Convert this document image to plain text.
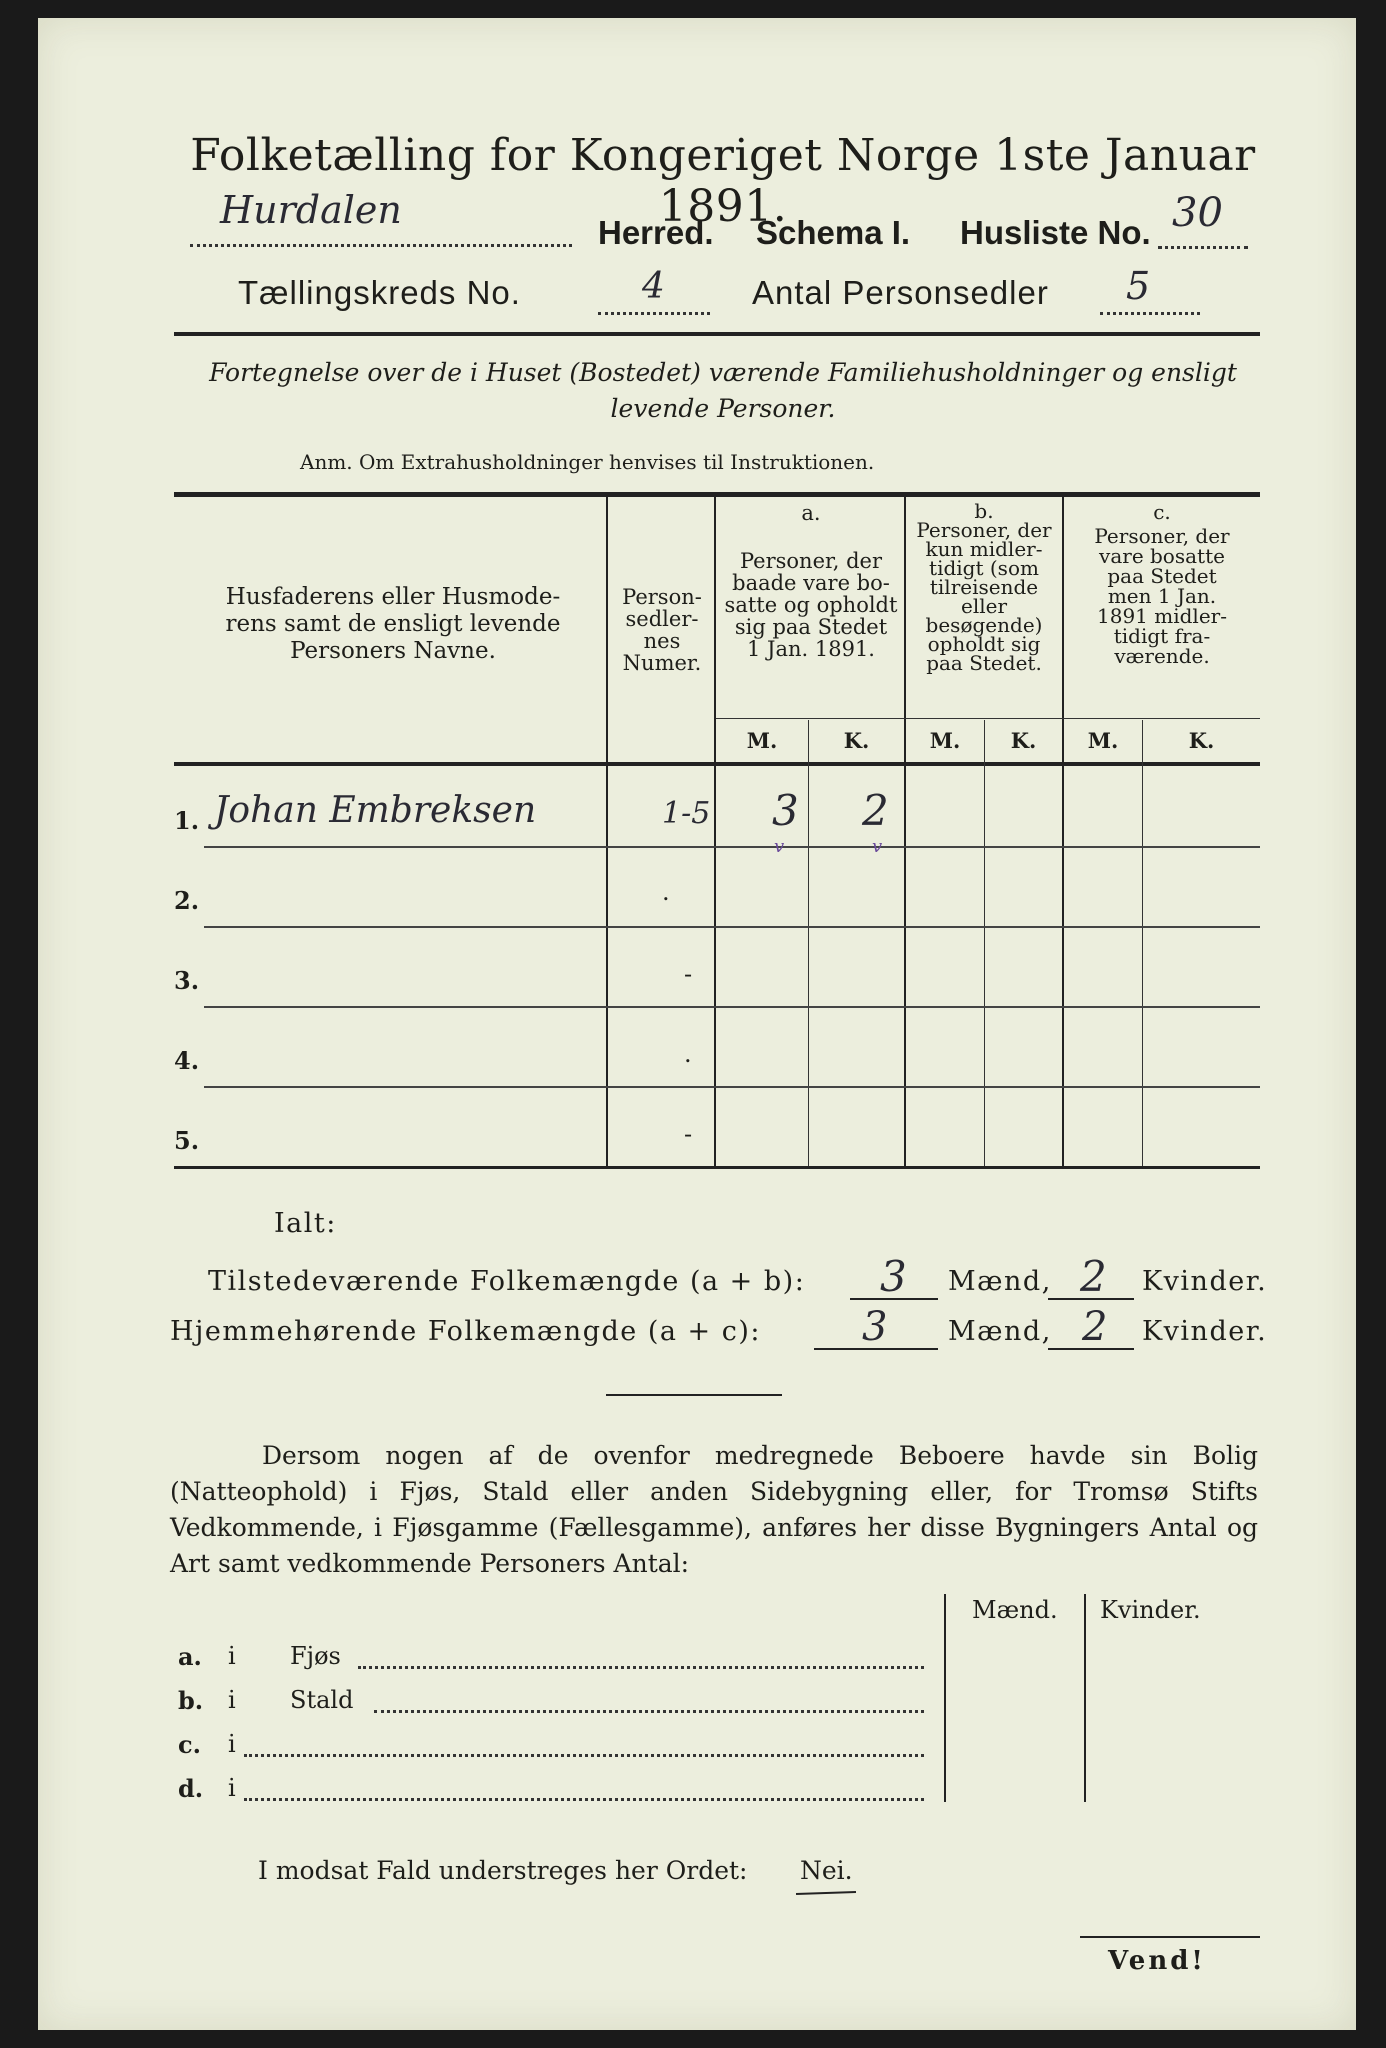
Folketælling for Kongeriget Norge 1ste Januar 1891.
Hurdalen
Herred. Schema I. Husliste No. 30
Tællingskreds No.	4	Antal Personsedler 5
Fortegnelse over de i Huset (Bostedet) værende Familiehusholdninger og ensligt
levende Personer.
Anm. Om Extrahusholdninger henvises til Instruktionen.
Husfaderens eller Husmode-
rens samt de ensligt levende
Personers Navne.
Person-
sedler-
nes
Numer.
a.
Personer, der
baade vare bo-
satte og opholdt
sig paa Stedet
1 Jan. 1891.
b.
Personer, der
kun midler-
tidigt (som
tilreisende
eller
besøgende)
opholdt sig
paa Stedet.
c.
Personer, der
vare bosatte
paa Stedet
men 1 Jan.
1891 midler-
tidigt fra-
værende.
M.	K.	M.	K.	M.	K.
1. Johan Embreksen	1-5 3 2
v	v
2.	.
3.	-
4.	.
5.	-
Ialt:
Tilstedeværende Folkemængde (a + b): 3 Mænd, 2 Kvinder.
Hjemmehørende Folkemængde (a + c):	3 Mænd, 2 Kvinder.
Dersom nogen af de ovenfor medregnede Beboere havde sin Bolig (Natteophold) i Fjøs, Stald eller anden Sidebygning eller, for Tromsø Stifts Vedkommende, i Fjøsgamme (Fællesgamme), anføres her disse Bygningers Antal og Art samt vedkommende Personers Antal:
Mænd. Kvinder.
a. i Fjøs
b. i Stald
c. i
d. i
I modsat Fald understreges her Ordet: Nei.
Vend!
